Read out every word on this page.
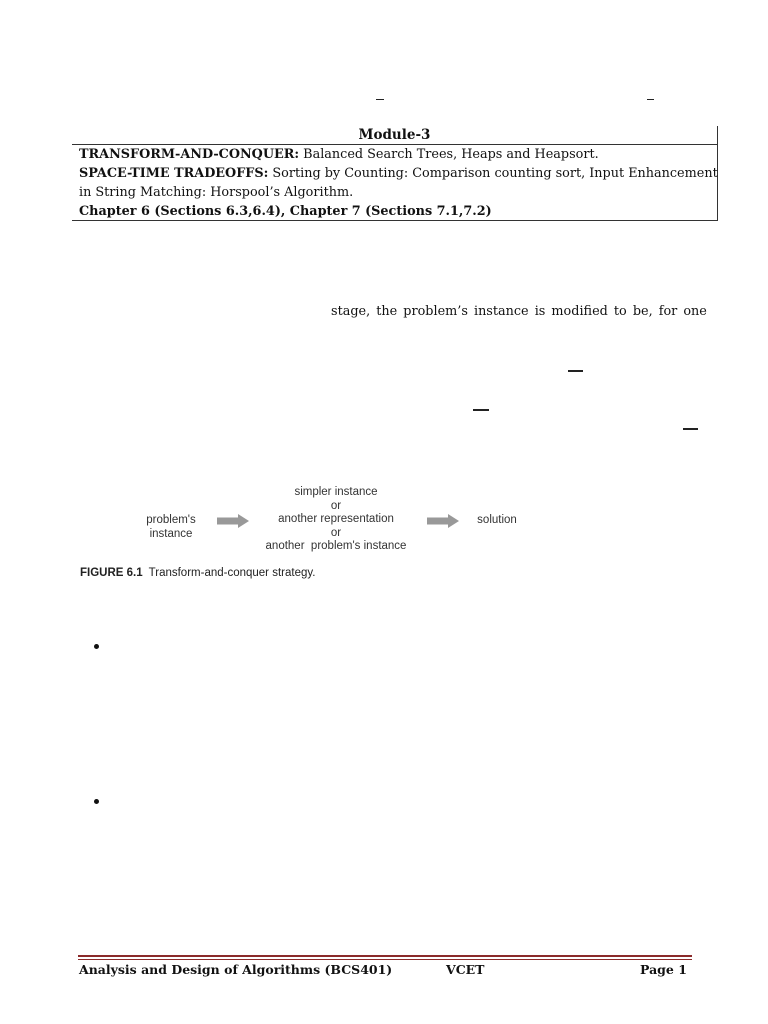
Module-3
TRANSFORM-AND-CONQUER: Balanced Search Trees, Heaps and Heapsort.
SPACE-TIME TRADEOFFS: Sorting by Counting: Comparison counting sort, Input Enhancement
in String Matching: Horspool’s Algorithm.
Chapter 6 (Sections 6.3,6.4), Chapter 7 (Sections 7.1,7.2)
stage, the problem’s instance is modified to be, for one
problem's
instance
simpler instance
or
another representation
or
another  problem's instance
solution
FIGURE 6.1 Transform-and-conquer strategy.
Analysis and Design of Algorithms (BCS401)	VCET	Page 1
